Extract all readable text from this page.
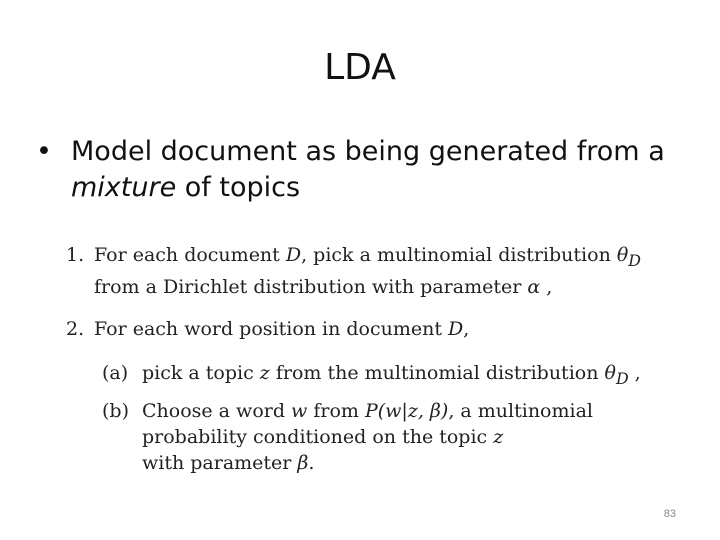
LDA
• Model document as being generated from a mixture of topics
1. For each document D, pick a multinomial distribution $\theta_D$
from a Dirichlet distribution with parameter α ,
2. For each word position in document D,
(a) pick a topic z from the multinomial distribution $\theta_D$ ,
(b) Choose a word w from P(w|z, β), a multinomial
probability conditioned on the topic z
with parameter β.
83
